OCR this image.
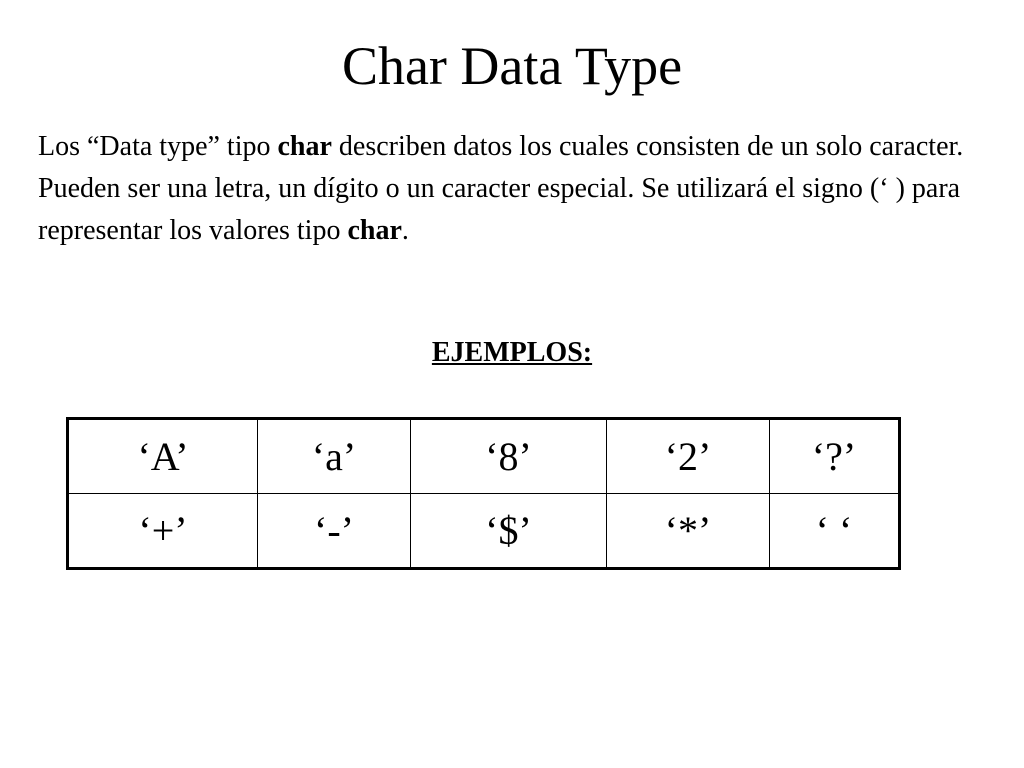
Char Data Type

Los “Data type” tipo char describen datos los cuales consisten de un solo caracter. Pueden ser una letra, un dígito o un caracter especial. Se utilizará el signo (‘ ) para representar los valores tipo char.

EJEMPLOS:
‘A’	‘a’	‘8’	‘2’	‘?’
‘+’	‘-’	‘$’	‘*’	‘ ‘
